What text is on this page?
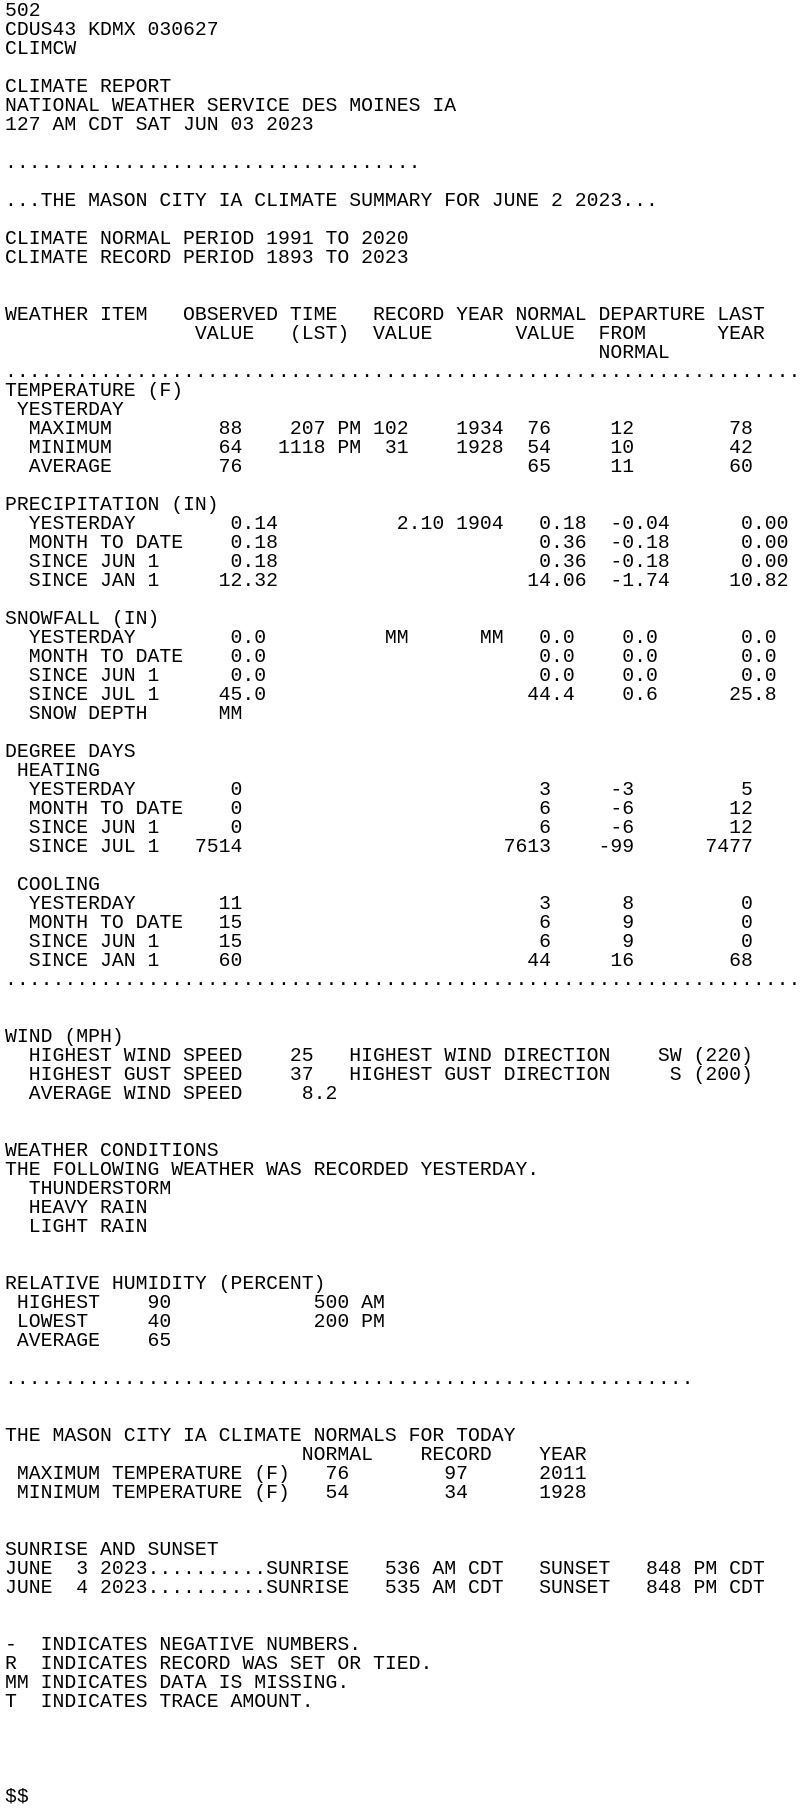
502
CDUS43 KDMX 030627
CLIMCW
CLIMATE REPORT
NATIONAL WEATHER SERVICE DES MOINES IA
127 AM CDT SAT JUN 03 2023
...................................
...THE MASON CITY IA CLIMATE SUMMARY FOR JUNE 2 2023...
CLIMATE NORMAL PERIOD 1991 TO 2020
CLIMATE RECORD PERIOD 1893 TO 2023
WEATHER ITEM   OBSERVED TIME   RECORD YEAR NORMAL DEPARTURE LAST
VALUE   (LST)  VALUE       VALUE  FROM      YEAR
NORMAL
...................................................................
TEMPERATURE (F)
YESTERDAY
MAXIMUM         88    207 PM 102    1934  76     12        78
MINIMUM         64   1118 PM  31    1928  54     10        42
AVERAGE         76                        65     11        60
PRECIPITATION (IN)
YESTERDAY        0.14          2.10 1904   0.18  -0.04      0.00
MONTH TO DATE    0.18                      0.36  -0.18      0.00
SINCE JUN 1      0.18                      0.36  -0.18      0.00
SINCE JAN 1     12.32                     14.06  -1.74     10.82
SNOWFALL (IN)
YESTERDAY        0.0          MM      MM   0.0    0.0       0.0
MONTH TO DATE    0.0                       0.0    0.0       0.0
SINCE JUN 1      0.0                       0.0    0.0       0.0
SINCE JUL 1     45.0                      44.4    0.6      25.8
SNOW DEPTH      MM
DEGREE DAYS
HEATING
YESTERDAY        0                         3     -3         5
MONTH TO DATE    0                         6     -6        12
SINCE JUN 1      0                         6     -6        12
SINCE JUL 1   7514                      7613    -99      7477
COOLING
YESTERDAY       11                         3      8         0
MONTH TO DATE   15                         6      9         0
SINCE JUN 1     15                         6      9         0
SINCE JAN 1     60                        44     16        68
...................................................................
WIND (MPH)
HIGHEST WIND SPEED    25   HIGHEST WIND DIRECTION    SW (220)
HIGHEST GUST SPEED    37   HIGHEST GUST DIRECTION     S (200)
AVERAGE WIND SPEED     8.2
WEATHER CONDITIONS
THE FOLLOWING WEATHER WAS RECORDED YESTERDAY.
THUNDERSTORM
HEAVY RAIN
LIGHT RAIN
RELATIVE HUMIDITY (PERCENT)
HIGHEST    90            500 AM
LOWEST     40            200 PM
AVERAGE    65
..........................................................
THE MASON CITY IA CLIMATE NORMALS FOR TODAY
NORMAL    RECORD    YEAR
MAXIMUM TEMPERATURE (F)   76        97      2011
MINIMUM TEMPERATURE (F)   54        34      1928
SUNRISE AND SUNSET
JUNE  3 2023..........SUNRISE   536 AM CDT   SUNSET   848 PM CDT
JUNE  4 2023..........SUNRISE   535 AM CDT   SUNSET   848 PM CDT
-  INDICATES NEGATIVE NUMBERS.
R  INDICATES RECORD WAS SET OR TIED.
MM INDICATES DATA IS MISSING.
T  INDICATES TRACE AMOUNT.
$$
